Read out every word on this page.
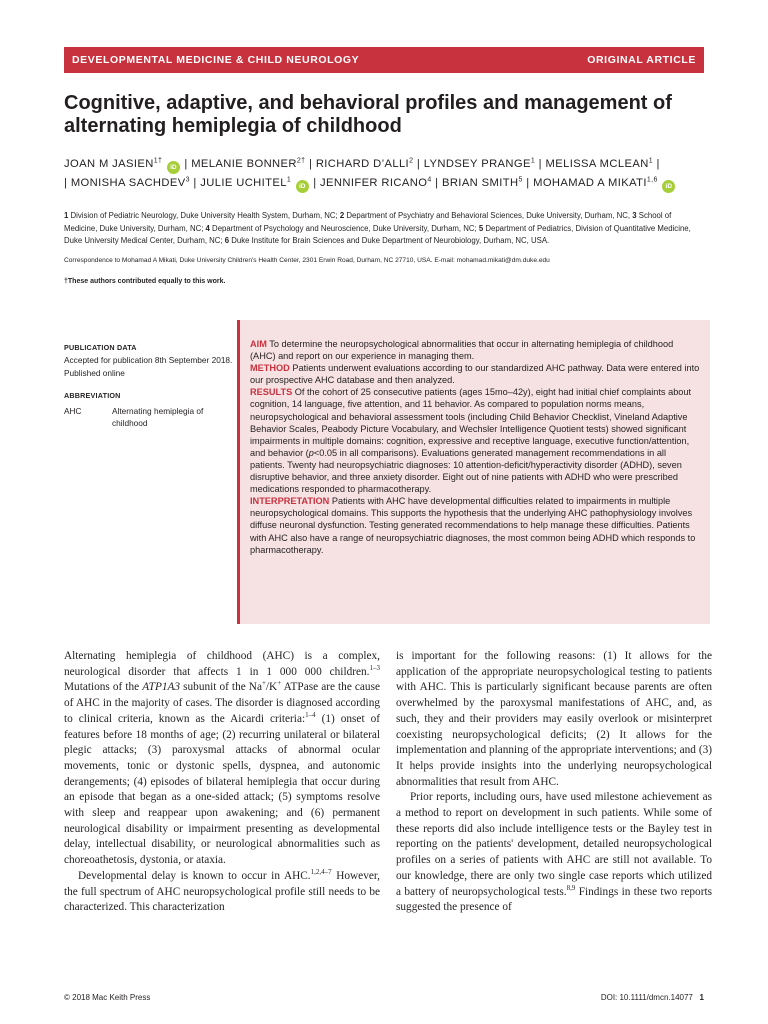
DEVELOPMENTAL MEDICINE & CHILD NEUROLOGY	ORIGINAL ARTICLE
Cognitive, adaptive, and behavioral profiles and management of alternating hemiplegia of childhood
JOAN M $JASIEN^{1\dagger}$ iD | MELANIE $BONNER^{2\dagger}$ | RICHARD D’ALLI$^2$ | LYNDSEY PRANGE$^1$ | MELISSA MCLEAN$^1$ |
| MONISHA SACHDEV$^3$ | JULIE UCHITEL$^1$ iD | JENNIFER RICANO$^4$ | BRIAN SMITH$^5$ | MOHAMAD A MIKATI$^{1,6}$ iD
1 Division of Pediatric Neurology, Duke University Health System, Durham, NC; 2 Department of Psychiatry and Behavioral Sciences, Duke University, Durham, NC, 3 School of Medicine, Duke University, Durham, NC; 4 Department of Psychology and Neuroscience, Duke University, Durham, NC; 5 Department of Pediatrics, Division of Quantitative Medicine, Duke University Medical Center, Durham, NC; 6 Duke Institute for Brain Sciences and Duke Department of Neurobiology, Durham, NC, USA.
Correspondence to Mohamad A Mikati, Duke University Children's Health Center, 2301 Erwin Road, Durham, NC 27710, USA. E-mail: mohamad.mikati@dm.duke.edu
†These authors contributed equally to this work.
PUBLICATION DATA
Accepted for publication 8th September 2018.
Published online
ABBREVIATION
AHC	Alternating hemiplegia of childhood
AIM To determine the neuropsychological abnormalities that occur in alternating hemiplegia of childhood (AHC) and report on our experience in managing them.
METHOD Patients underwent evaluations according to our standardized AHC pathway. Data were entered into our prospective AHC database and then analyzed.
RESULTS Of the cohort of 25 consecutive patients (ages 15mo–42y), eight had initial chief complaints about cognition, 14 language, five attention, and 11 behavior. As compared to population norms means, neuropsychological and behavioral assessment tools (including Child Behavior Checklist, Vineland Adaptive Behavior Scales, Peabody Picture Vocabulary, and Wechsler Intelligence Quotient tests) showed significant impairments in multiple domains: cognition, expressive and receptive language, executive function/attention, and behavior (p<0.05 in all comparisons). Evaluations generated management recommendations in all patients. Twenty had neuropsychiatric diagnoses: 10 attention-deficit/hyperactivity disorder (ADHD), seven disruptive behavior, and three anxiety disorder. Eight out of nine patients with ADHD who were prescribed medications responded to pharmacotherapy.
INTERPRETATION Patients with AHC have developmental difficulties related to impairments in multiple neuropsychological domains. This supports the hypothesis that the underlying AHC pathophysiology involves diffuse neuronal dysfunction. Testing generated recommendations to help manage these difficulties. Patients with AHC also have a range of neuropsychiatric diagnoses, the most common being ADHD which responds to pharmacotherapy.

Alternating hemiplegia of childhood (AHC) is a complex, neurological disorder that affects 1 in 1 000 000 children.$^{1-3}$ Mutations of the ATP1A3 subunit of the Na+/K+ ATPase are the cause of AHC in the majority of cases. The disorder is diagnosed according to clinical criteria, known as the Aicardi criteria:$^{1-4}$ (1) onset of features before 18 months of age; (2) recurring unilateral or bilateral plegic attacks; (3) paroxysmal attacks of abnormal ocular movements, tonic or dystonic spells, dyspnea, and autonomic derangements; (4) episodes of bilateral hemiplegia that occur during an episode that began as a one-sided attack; (5) symptoms resolve with sleep and reappear upon awakening; and (6) permanent neurological disability or impairment presenting as developmental delay, intellectual disability, or neurological abnormalities such as choreoathetosis, dystonia, or ataxia.

Developmental delay is known to occur in AHC.$^{1,2,4-7}$ However, the full spectrum of AHC neuropsychological profile still needs to be characterized. This characterization

is important for the following reasons: (1) It allows for the application of the appropriate neuropsychological testing to patients with AHC. This is particularly significant because parents are often overwhelmed by the paroxysmal manifestations of AHC, and, as such, they and their providers may easily overlook or misinterpret coexisting neuropsychological deficits; (2) It allows for the implementation and planning of the appropriate interventions; and (3) It helps provide insights into the underlying neuropsychological abnormalities that result from AHC.

Prior reports, including ours, have used milestone achievement as a method to report on development in such patients. While some of these reports did also include intelligence tests or the Bayley test in reporting on the patients' development, detailed neuropsychological profiles on a series of patients with AHC are still not available. To our knowledge, there are only two single case reports which utilized a battery of neuropsychological tests.$^{8,9}$ Findings in these two reports suggested the presence of

© 2018 Mac Keith Press	DOI: 10.1111/dmcn.14077 1
